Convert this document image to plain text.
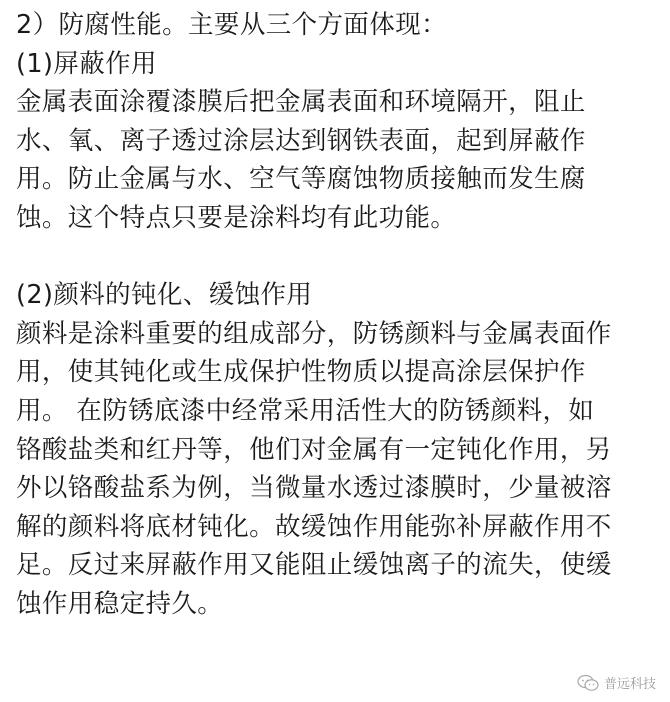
2）防腐性能。主要从三个方面体现：
(1)屏蔽作用
金属表面涂覆漆膜后把金属表面和环境隔开，阻止
水、氧、离子透过涂层达到钢铁表面，起到屏蔽作
用。防止金属与水、空气等腐蚀物质接触而发生腐
蚀。这个特点只要是涂料均有此功能。
(2)颜料的钝化、缓蚀作用
颜料是涂料重要的组成部分，防锈颜料与金属表面作
用，使其钝化或生成保护性物质以提高涂层保护作
用。 在防锈底漆中经常采用活性大的防锈颜料，如
铬酸盐类和红丹等，他们对金属有一定钝化作用，另
外以铬酸盐系为例，当微量水透过漆膜时，少量被溶
解的颜料将底材钝化。故缓蚀作用能弥补屏蔽作用不
足。反过来屏蔽作用又能阻止缓蚀离子的流失，使缓
蚀作用稳定持久。
普远科技
